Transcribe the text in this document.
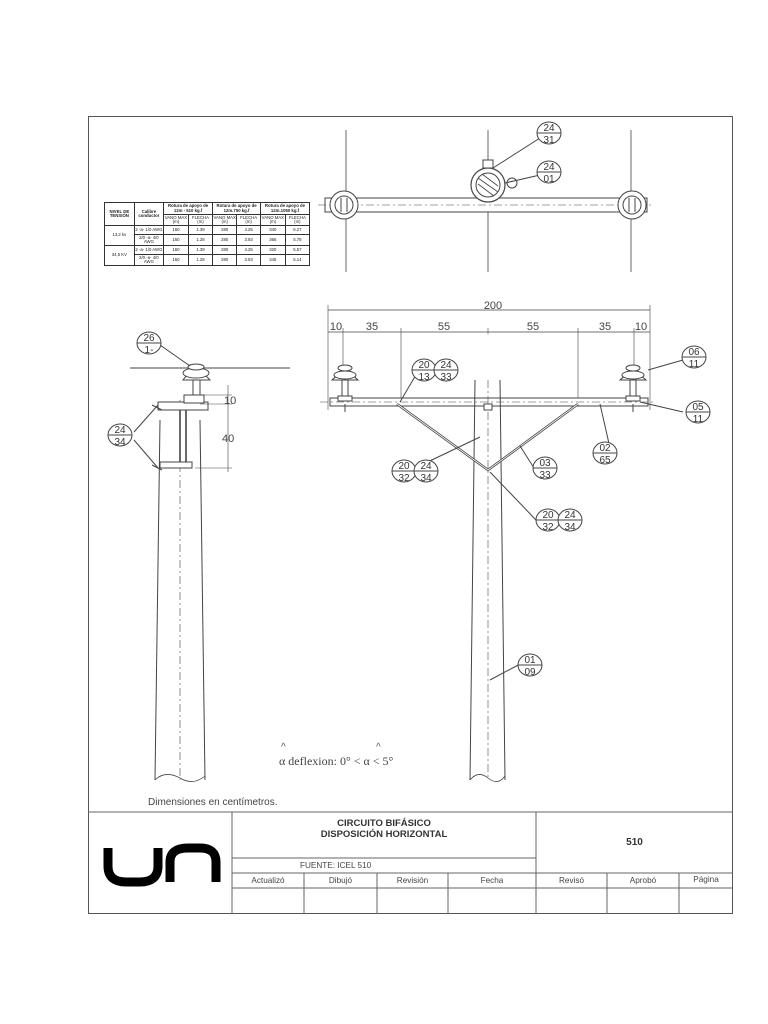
24
31
24
01
26
1-
24
34
20
13
24
33
06
11
05
11
02
65
03
33
20
32
24
34
20
32
24
34
01
09
200
10 35	55	55	35 10
10
40
^	^
α deflexion: 0° < α < 5°
NIVEL DE TENSIÓN	Calibre conductor	Rotura de apoyo de 12m - 510 kg.f		Rotura de apoyo de 12m.750 kg.f		Rotura de apoyo de 12m.1050 kg.f	
		VANO MAX (m)	FLECHA (m)	VANO MAX (m)	FLECHA (m)	VANO MAX (m)	FLECHA (m)
13,2 kv	2 -a- 1/0 AWG	160	1.39	280	4.25	340	6.27
	2/0 -a- 4/0 AWG	160	1.28	280	3.93	366	5.78
34,5 KV	2 -a- 1/0 AWG	160	1.39	280	4.25	320	5.57
	2/0 -a- 4/0 AWG	160	1.28	280	3.93	345	5.14
Dimensiones en centímetros.
CIRCUITO BIFÁSICO
DISPOSICIÓN HORIZONTAL
510
FUENTE: ICEL 510
Actualizó	Dibujó	Revisión	Fecha	Revisó	Aprobó	Página
